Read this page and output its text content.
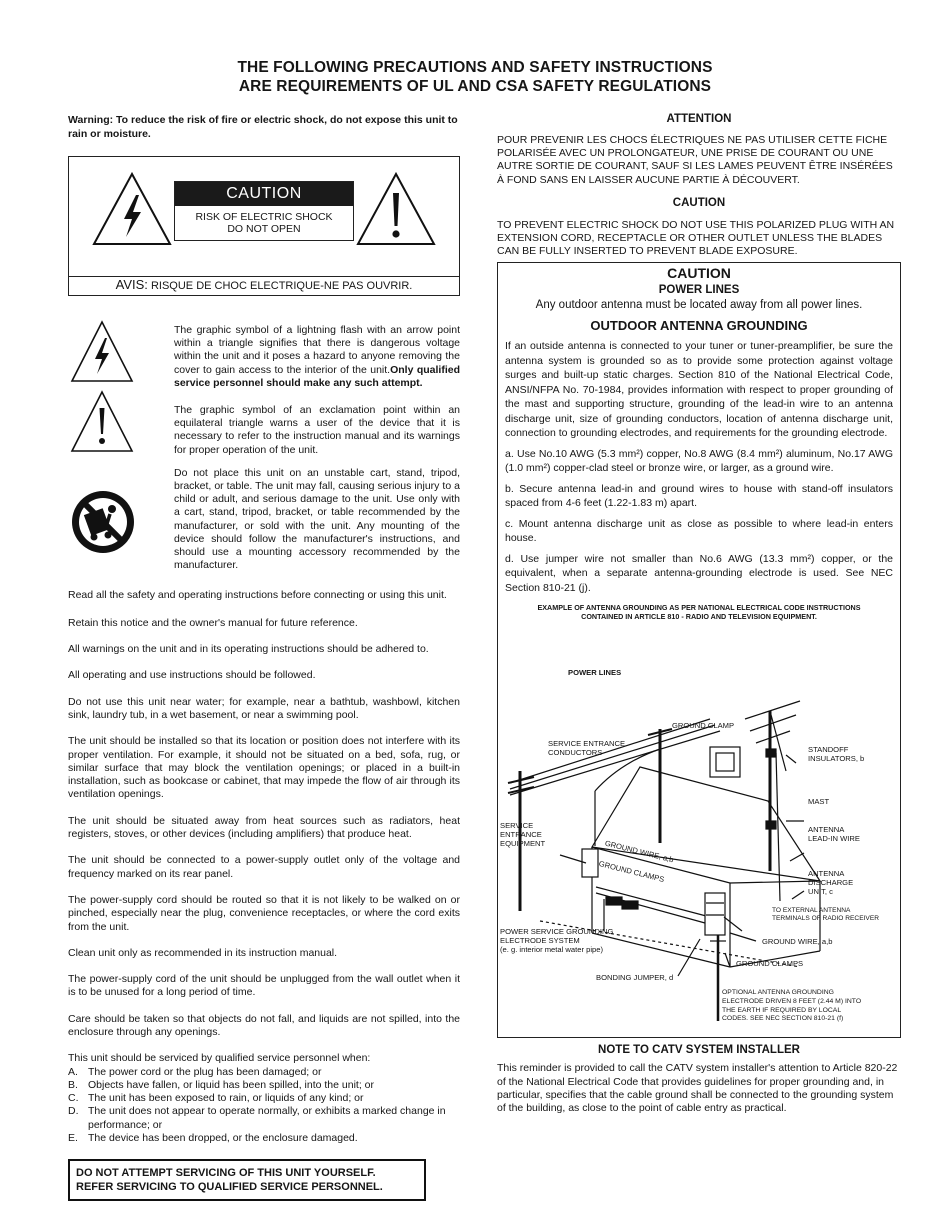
THE FOLLOWING PRECAUTIONS AND SAFETY INSTRUCTIONS
ARE REQUIREMENTS OF UL AND CSA SAFETY REGULATIONS
Warning: To reduce the risk of fire or electric shock, do not expose this unit to rain or moisture.
CAUTION
RISK OF ELECTRIC SHOCK
DO NOT OPEN
AVIS: RISQUE DE CHOC ELECTRIQUE-NE PAS OUVRIR.
The graphic symbol of a lightning flash with an arrow point within a triangle signifies that there is dangerous voltage within the unit and it poses a hazard to anyone removing the cover to gain access to the interior of the unit.Only qualified service personnel should make any such attempt.
The graphic symbol of an exclamation point within an equilateral triangle warns a user of the device that it is necessary to refer to the instruction manual and its warnings for proper operation of the unit.
Do not place this unit on an unstable cart, stand, tripod, bracket, or table. The unit may fall, causing serious injury to a child or adult, and serious damage to the unit. Use only with a cart, stand, tripod, bracket, or table recommended by the manufacturer, or sold with the unit. Any mounting of the device should follow the manufacturer's instructions, and should use a mounting accessory recommended by the manufacturer.
Read all the safety and operating instructions before connecting or using this unit.
Retain this notice and the owner's manual for future reference.
All warnings on the unit and in its operating instructions should be adhered to.
All operating and use instructions should be followed.
Do not use this unit near water; for example, near a bathtub, washbowl, kitchen sink, laundry tub, in a wet basement, or near a swimming pool.
The unit should be installed so that its location or position does not interfere with its proper ventilation. For example, it should not be situated on a bed, sofa, rug, or similar surface that may block the ventilation openings; or placed in a built-in installation, such as bookcase or cabinet, that may impede the flow of air through its ventilation openings.
The unit should be situated away from heat sources such as radiators, heat registers, stoves, or other devices (including amplifiers) that produce heat.
The unit should be connected to a power-supply outlet only of the voltage and frequency marked on its rear panel.
The power-supply cord should be routed so that it is not likely to be walked on or pinched, especially near the plug, convenience receptacles, or where the cord exits from the unit.
Clean unit only as recommended in its instruction manual.
The power-supply cord of the unit should be unplugged from the wall outlet when it is to be unused for a long period of time.
Care should be taken so that objects do not fall, and liquids are not spilled, into the enclosure through any openings.
This unit should be serviced by qualified service personnel when:
A. The power cord or the plug has been damaged; or
B. Objects have fallen, or liquid has been spilled, into the unit; or
C. The unit has been exposed to rain, or liquids of any kind; or
D. The unit does not appear to operate normally, or exhibits a marked change in performance; or
E. The device has been dropped, or the enclosure damaged.
DO NOT ATTEMPT SERVICING OF THIS UNIT YOURSELF.
REFER SERVICING TO QUALIFIED SERVICE PERSONNEL.
ATTENTION
POUR PREVENIR LES CHOCS ÉLECTRIQUES NE PAS UTILISER CETTE FICHE POLARISÉE AVEC UN PROLONGATEUR, UNE PRISE DE COURANT OU UNE AUTRE SORTIE DE COURANT, SAUF SI LES LAMES PEUVENT ÊTRE INSÉRÉES À FOND SANS EN LAISSER AUCUNE PARTIE À DÉCOUVERT.
CAUTION
TO PREVENT ELECTRIC SHOCK DO NOT USE THIS POLARIZED PLUG WITH AN EXTENSION CORD, RECEPTACLE OR OTHER OUTLET UNLESS THE BLADES CAN BE FULLY INSERTED TO PREVENT BLADE EXPOSURE.
CAUTION
POWER LINES
Any outdoor antenna must be located away from all power lines.
OUTDOOR ANTENNA GROUNDING
If an outside antenna is connected to your tuner or tuner-preamplifier, be sure the antenna system is grounded so as to provide some protection against voltage surges and built-up static charges. Section 810 of the National Electrical Code, ANSI/NFPA No. 70-1984, provides information with respect to proper grounding of the mast and supporting structure, grounding of the lead-in wire to an antenna discharge unit, size of grounding conductors, location of antenna discharge unit, connection to grounding electrodes, and requirements for the grounding electrode.
a. Use No.10 AWG (5.3 mm²) copper, No.8 AWG (8.4 mm²) aluminum, No.17 AWG (1.0 mm²) copper-clad steel or bronze wire, or larger, as a ground wire.
b. Secure antenna lead-in and ground wires to house with stand-off insulators spaced from 4-6 feet (1.22-1.83 m) apart.
c. Mount antenna discharge unit as close as possible to where lead-in enters house.
d. Use jumper wire not smaller than No.6 AWG (13.3 mm²) copper, or the equivalent, when a separate antenna-grounding electrode is used. See NEC Section 810-21 (j).
EXAMPLE OF ANTENNA GROUNDING AS PER NATIONAL ELECTRICAL CODE INSTRUCTIONS
CONTAINED IN ARTICLE 810 - RADIO AND TELEVISION EQUIPMENT.
POWER LINES
GROUND CLAMP
SERVICE ENTRANCE
CONDUCTORS	STANDOFF
INSULATORS, b
MAST
SERVICE
ENTRANCE
EQUIPMENT	GROUND WIRE, a,b
GROUND CLAMPS
ANTENNA
LEAD-IN WIRE
ANTENNA
DISCHARGE
UNIT, c
TO EXTERNAL ANTENNA
TERMINALS OF RADIO RECEIVER
POWER SERVICE GROUNDING
ELECTRODE SYSTEM
(e. g. interior metal water pipe)
GROUND WIRE, a,b
GROUND CLAMPS
BONDING JUMPER, d
OPTIONAL ANTENNA GROUNDING
ELECTRODE DRIVEN 8 FEET (2.44 M) INTO
THE EARTH IF REQUIRED BY LOCAL
CODES. SEE NEC SECTION 810-21 (f)
NOTE TO CATV SYSTEM INSTALLER
This reminder is provided to call the CATV system installer's attention to Article 820-22 of the National Electrical Code that provides guidelines for proper grounding and, in particular, specifies that the cable ground shall be connected to the grounding system of the building, as close to the point of cable entry as practical.
